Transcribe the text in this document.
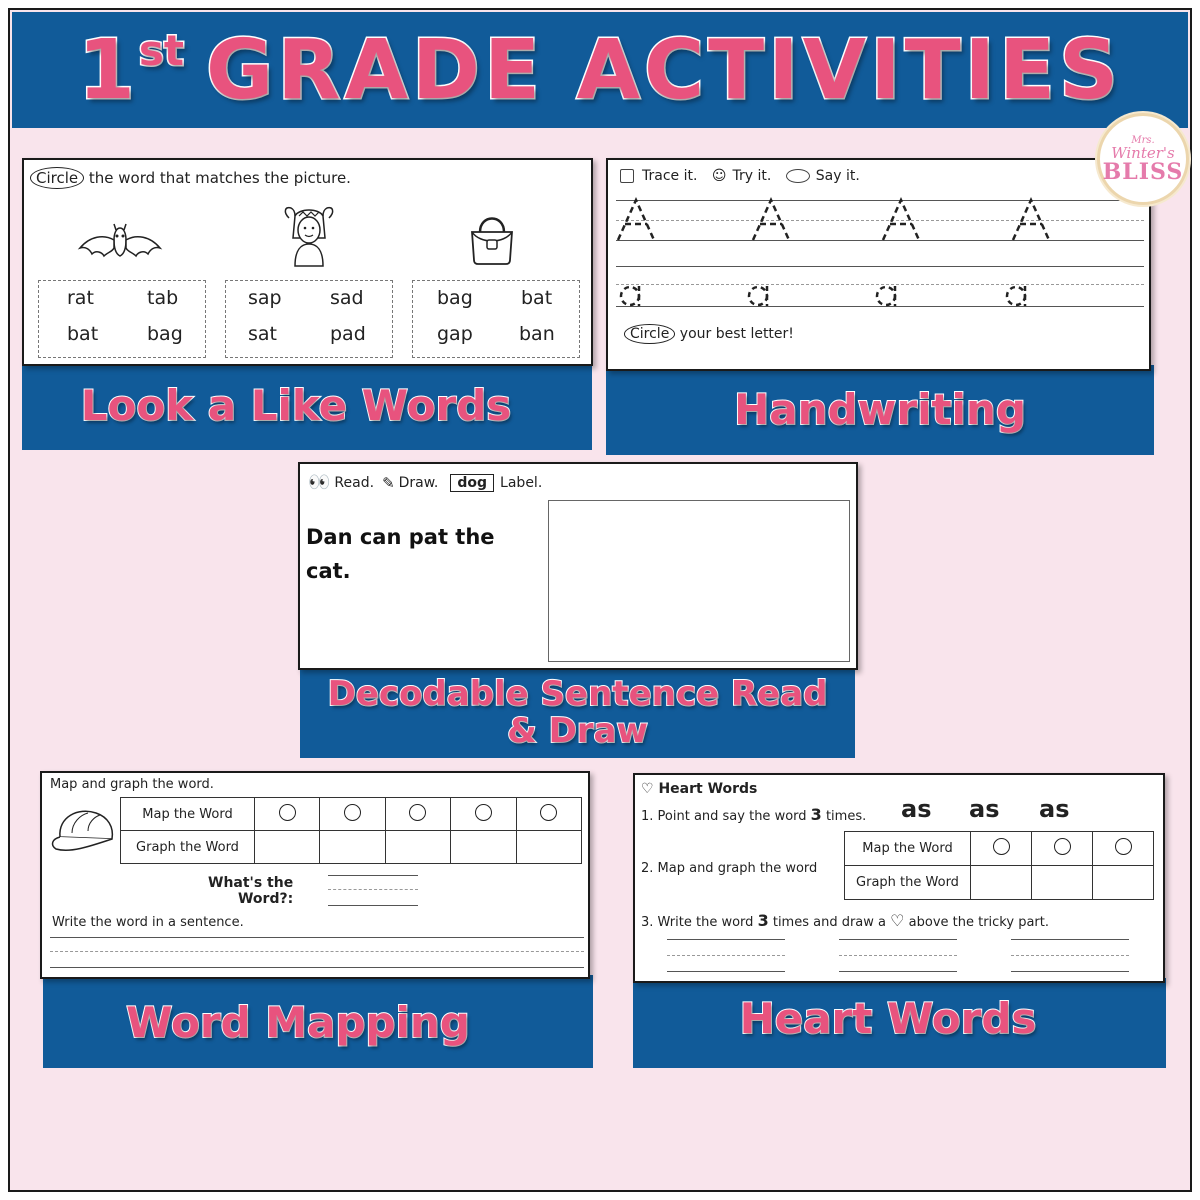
1st GRADE ACTIVITIES
Look a Like Words
Circle the word that matches the picture.
rat	tab
bat	bag
sap	sad
sat	pad
bag	bat
gap ban
Handwriting
Trace it. ☺ Try it.	Say it.
Circle your best letter!
Mrs.
Winter's
BLISS
Decodable Sentence Read & Draw
👀 Read. ✎ Draw.	dog Label.
Dan can pat the
cat.
Word Mapping
Map and graph the word.
Map the Word					
Graph the Word					
What's the
Word?:
Write the word in a sentence.
Heart Words
♡ Heart Words
1. Point and say the word 3 times. as as as
2. Map and graph the word
Map the Word			
Graph the Word			
3. Write the word 3 times and draw a ♡ above the tricky part.
